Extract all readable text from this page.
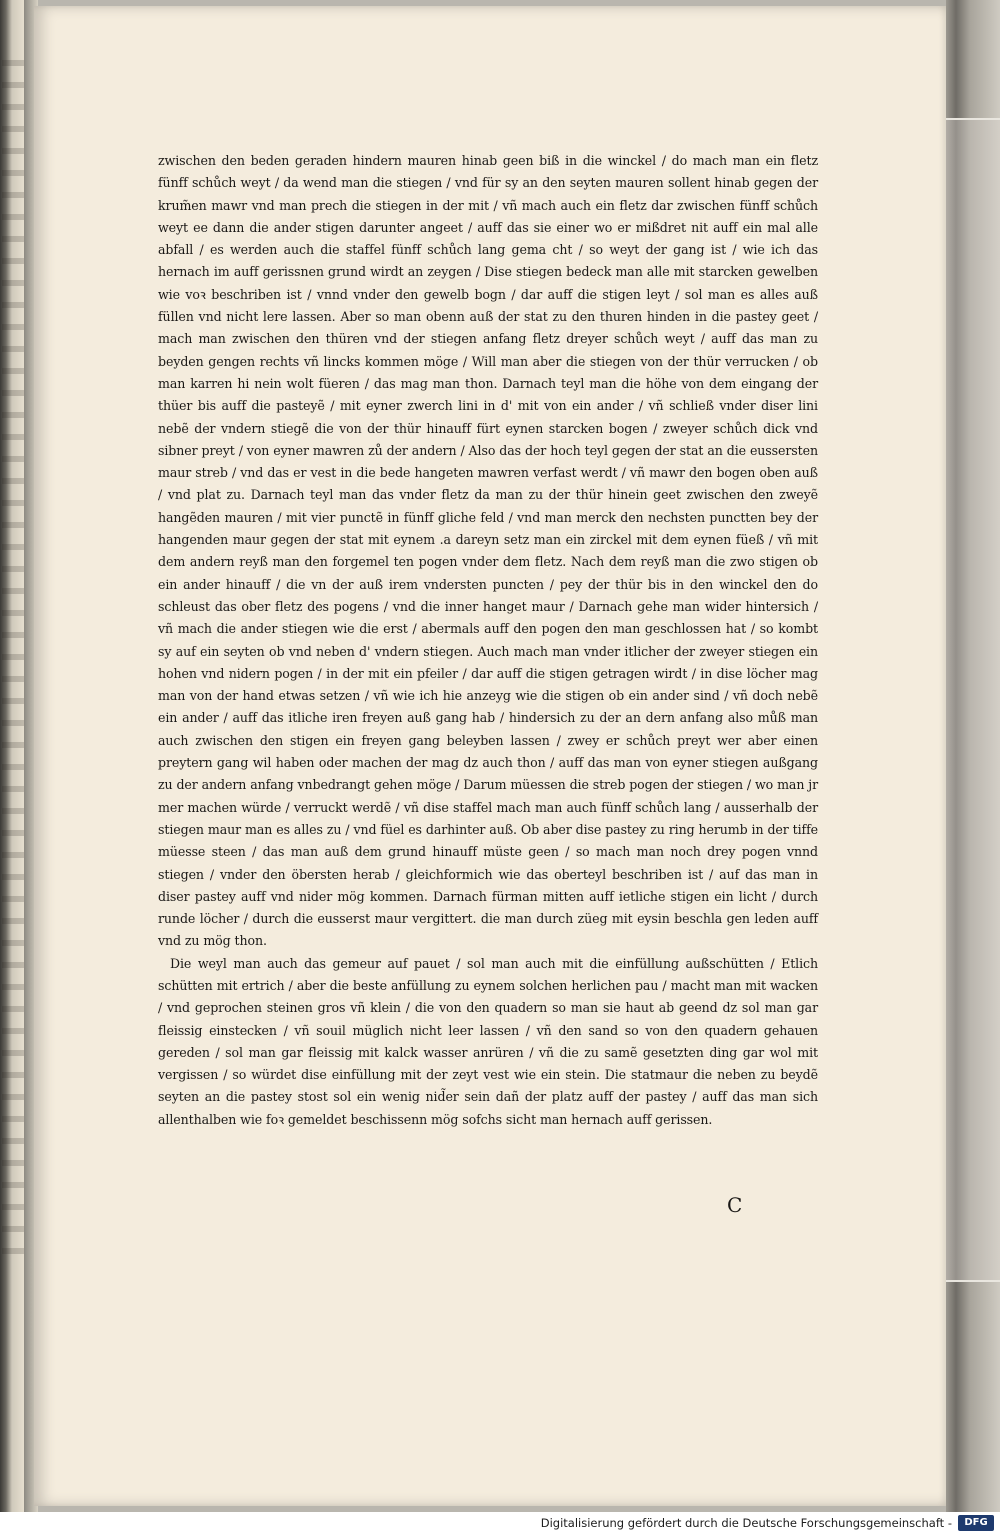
zwischen den beden geraden hindern mauren hinab geen biß in die winckel / do mach man ein fletz fünff schůch weyt / da wend man die stiegen / vnd für sy an den seyten mauren sollent hinab gegen der krum̃en mawr vnd man prech die stiegen in der mit / vñ mach auch ein fletz dar zwischen fünff schůch weyt ee dann die ander stigen darunter angeet / auff das sie einer wo er mißdret nit auff ein mal alle abfall / es werden auch die staffel fünff schůch lang gema cht / so weyt der gang ist / wie ich das hernach im auff gerissnen grund wirdt an zeygen / Dise stiegen bedeck man alle mit starcken gewelben wie voꝛ beschriben ist / vnnd vnder den gewelb bogn / dar auff die stigen leyt / sol man es alles auß füllen vnd nicht lere lassen. Aber so man obenn auß der stat zu den thuren hinden in die pastey geet / mach man zwischen den thüren vnd der stiegen anfang fletz dreyer schůch weyt / auff das man zu beyden gengen rechts vñ lincks kommen möge / Will man aber die stiegen von der thür verrucken / ob man karren hi nein wolt füeren / das mag man thon. Darnach teyl man die höhe von dem eingang der thüer bis auff die pasteyẽ / mit eyner zwerch lini in d' mit von ein ander / vñ schließ vnder diser lini nebẽ der vndern stiegẽ die von der thür hinauff fürt eynen starcken bogen / zweyer schůch dick vnd sibner preyt / von eyner mawren zů der andern / Also das der hoch teyl gegen der stat an die eussersten maur streb / vnd das er vest in die bede hangeten mawren verfast werdt / vñ mawr den bogen oben auß / vnd plat zu. Darnach teyl man das vnder fletz da man zu der thür hinein geet zwischen den zweyẽ hangẽden mauren / mit vier punctẽ in fünff gliche feld / vnd man merck den nechsten punctten bey der hangenden maur gegen der stat mit eynem .a dareyn setz man ein zirckel mit dem eynen füeß / vñ mit dem andern reyß man den forgemel ten pogen vnder dem fletz. Nach dem reyß man die zwo stigen ob ein ander hinauff / die vn der auß irem vndersten puncten / pey der thür bis in den winckel den do schleust das ober fletz des pogens / vnd die inner hanget maur / Darnach gehe man wider hintersich / vñ mach die ander stiegen wie die erst / abermals auff den pogen den man geschlossen hat / so kombt sy auf ein seyten ob vnd neben d' vndern stiegen. Auch mach man vnder itlicher der zweyer stiegen ein hohen vnd nidern pogen / in der mit ein pfeiler / dar auff die stigen getragen wirdt / in dise löcher mag man von der hand etwas setzen / vñ wie ich hie anzeyg wie die stigen ob ein ander sind / vñ doch nebẽ ein ander / auff das itliche iren freyen auß gang hab / hindersich zu der an dern anfang also můß man auch zwischen den stigen ein freyen gang beleyben lassen / zwey er schůch preyt wer aber einen preytern gang wil haben oder machen der mag dz auch thon / auff das man von eyner stiegen außgang zu der andern anfang vnbedrangt gehen möge / Darum müessen die streb pogen der stiegen / wo man jr mer machen würde / verruckt werdẽ / vñ dise staffel mach man auch fünff schůch lang / ausserhalb der stiegen maur man es alles zu / vnd füel es darhinter auß. Ob aber dise pastey zu ring herumb in der tiffe müesse steen / das man auß dem grund hinauff müste geen / so mach man noch drey pogen vnnd stiegen / vnder den öbersten herab / gleichformich wie das oberteyl beschriben ist / auf das man in diser pastey auff vnd nider mög kommen. Darnach fürman mitten auff ietliche stigen ein licht / durch runde löcher / durch die eusserst maur vergittert. die man durch züeg mit eysin beschla gen leden auff vnd zu mög thon.

Die weyl man auch das gemeur auf pauet / sol man auch mit die einfüllung außschütten / Etlich schütten mit ertrich / aber die beste anfüllung zu eynem solchen herlichen pau / macht man mit wacken / vnd geprochen steinen gros vñ klein / die von den quadern so man sie haut ab geend dz sol man gar fleissig einstecken / vñ souil müglich nicht leer lassen / vñ den sand so von den quadern gehauen gereden / sol man gar fleissig mit kalck wasser anrüren / vñ die zu samẽ gesetzten ding gar wol mit vergissen / so würdet dise einfüllung mit der zeyt vest wie ein stein. Die statmaur die neben zu beydẽ seyten an die pastey stost sol ein wenig nid̃er sein dañ der platz auff der pastey / auff das man sich allenthalben wie foꝛ gemeldet beschissenn mög sofchs sicht man hernach auff gerissen.

C
Digitalisierung gefördert durch die Deutsche Forschungsgemeinschaft -	DFG
